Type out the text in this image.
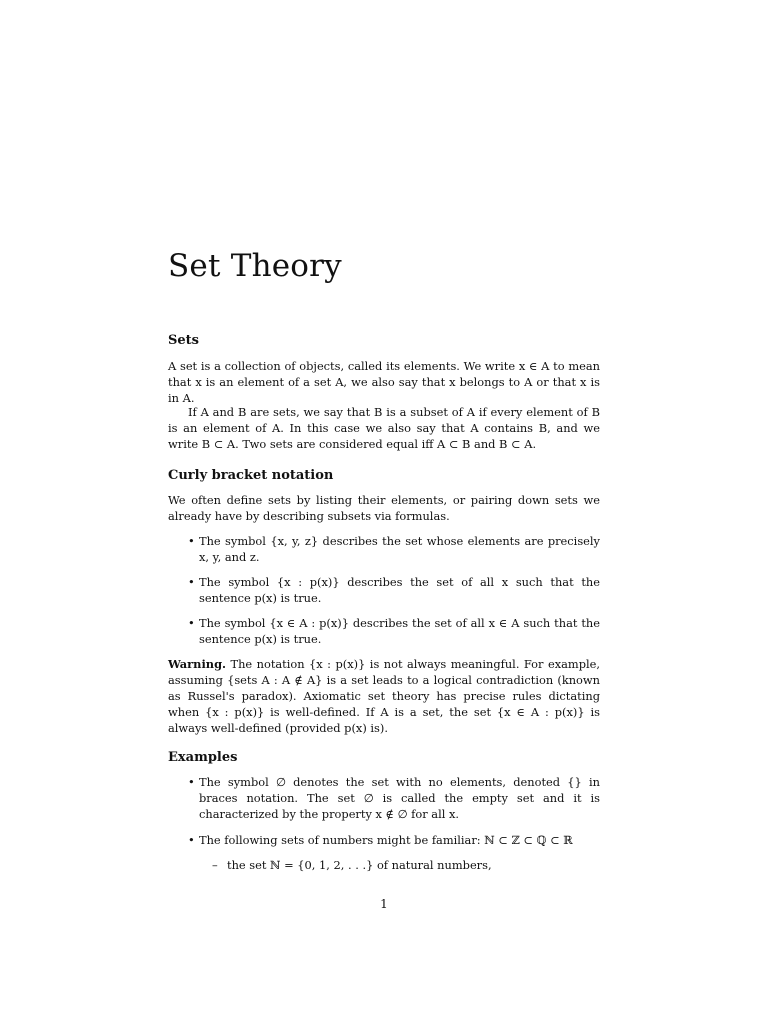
Set Theory
Sets

A set is a collection of objects, called its elements. We write x ∈ A to mean that x is an element of a set A, we also say that x belongs to A or that x is in A.

If A and B are sets, we say that B is a subset of A if every element of B is an element of A. In this case we also say that A contains B, and we write B ⊂ A. Two sets are considered equal iff A ⊂ B and B ⊂ A.

Curly bracket notation

We often define sets by listing their elements, or pairing down sets we already have by describing subsets via formulas.

• The symbol {x, y, z} describes the set whose elements are precisely x, y, and z.
• The symbol {x : p(x)} describes the set of all x such that the sentence p(x) is true.
• The symbol {x ∈ A : p(x)} describes the set of all x ∈ A such that the sentence p(x) is true.

Warning. The notation {x : p(x)} is not always meaningful. For example, assuming {sets A : A ∉ A} is a set leads to a logical contradiction (known as Russel's paradox). Axiomatic set theory has precise rules dictating when {x : p(x)} is well-defined. If A is a set, the set {x ∈ A : p(x)} is always well-defined (provided p(x) is).

Examples
• The symbol ∅ denotes the set with no elements, denoted {} in braces notation. The set ∅ is called the empty set and it is characterized by the property x ∉ ∅ for all x.
• The following sets of numbers might be familiar: ℕ ⊂ ℤ ⊂ ℚ ⊂ ℝ
– the set ℕ = {0, 1, 2, . . .} of natural numbers,
1
